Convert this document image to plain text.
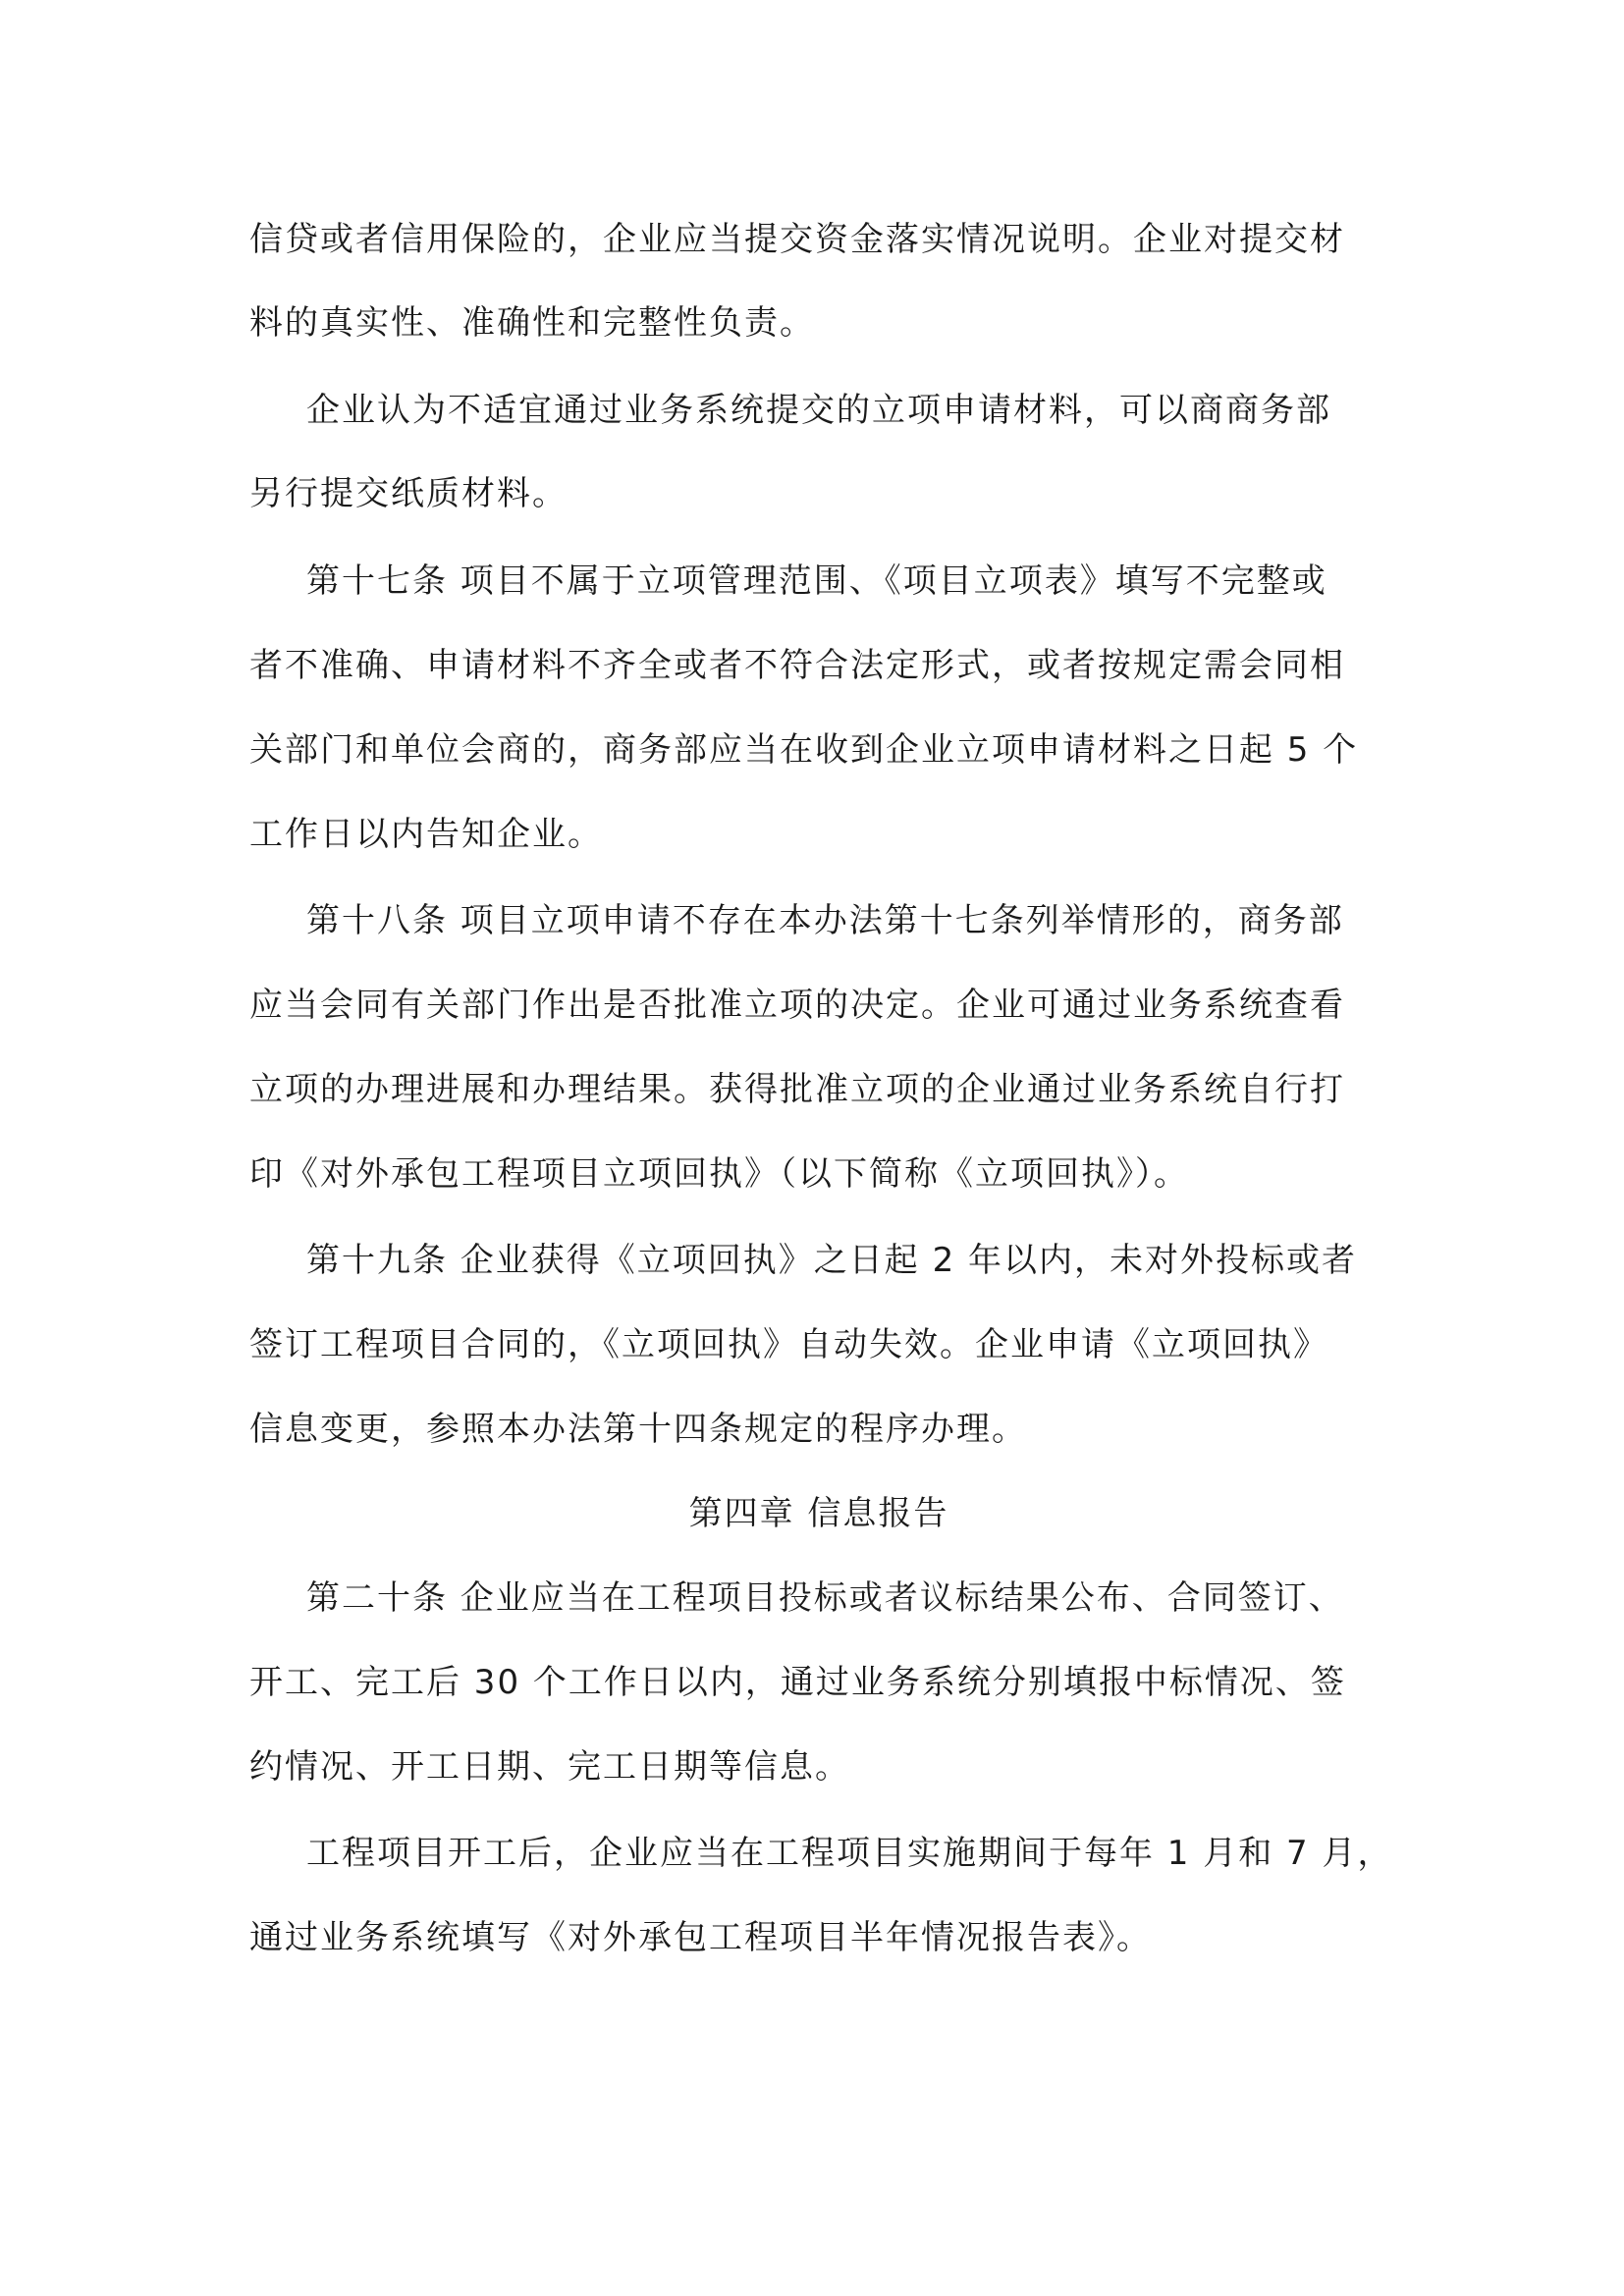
信贷或者信用保险的，企业应当提交资金落实情况说明。企业对提交材
料的真实性、准确性和完整性负责。
企业认为不适宜通过业务系统提交的立项申请材料，可以商商务部
另行提交纸质材料。
第十七条 项目不属于立项管理范围、《项目立项表》填写不完整或
者不准确、申请材料不齐全或者不符合法定形式，或者按规定需会同相
关部门和单位会商的，商务部应当在收到企业立项申请材料之日起 5 个
工作日以内告知企业。
第十八条 项目立项申请不存在本办法第十七条列举情形的，商务部
应当会同有关部门作出是否批准立项的决定。企业可通过业务系统查看
立项的办理进展和办理结果。获得批准立项的企业通过业务系统自行打
印《对外承包工程项目立项回执》（以下简称《立项回执》）。
第十九条 企业获得《立项回执》之日起 2 年以内，未对外投标或者
签订工程项目合同的，《立项回执》自动失效。企业申请《立项回执》
信息变更，参照本办法第十四条规定的程序办理。
第四章 信息报告
第二十条 企业应当在工程项目投标或者议标结果公布、合同签订、
开工、完工后 30 个工作日以内，通过业务系统分别填报中标情况、签
约情况、开工日期、完工日期等信息。
工程项目开工后，企业应当在工程项目实施期间于每年 1 月和 7 月，
通过业务系统填写《对外承包工程项目半年情况报告表》。
